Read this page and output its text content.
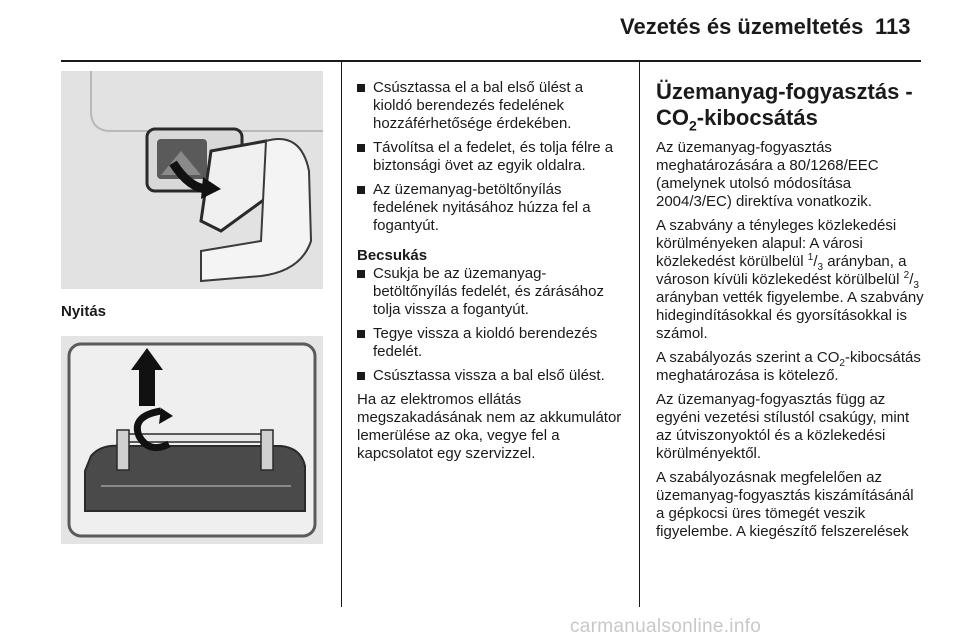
Vezetés és üzemeltetés 113
Nyitás
Csúsztassa el a bal első ülést a kioldó berendezés fedelének hozzáférhetősége érdekében.
Távolítsa el a fedelet, és tolja félre a biztonsági övet az egyik oldalra.
Az üzemanyag-betöltőnyílás fedelének nyitásához húzza fel a fogantyút.
Becsukás
Csukja be az üzemanyag-betöltőnyílás fedelét, és zárásához tolja vissza a fogantyút.
Tegye vissza a kioldó berendezés fedelét.
Csúsztassa vissza a bal első ülést.
Ha az elektromos ellátás megszakadásának nem az akkumulátor lemerülése az oka, vegye fel a kapcsolatot egy szervizzel.
Üzemanyag-fogyasztás - $CO_2$-kibocsátás
Az üzemanyag-fogyasztás meghatározására a 80/1268/EEC (amelynek utolsó módosítása 2004/3/EC) direktíva vonatkozik.
A szabvány a tényleges közlekedési körülményeken alapul: A városi közlekedést körülbelül $^1/_3$ arányban, a városon kívüli közlekedést körülbelül $^2/_3$ arányban vették figyelembe. A szabvány hidegindításokkal és gyorsításokkal is számol.
A szabályozás szerint a $CO_2$-kibocsátás meghatározása is kötelező.
Az üzemanyag-fogyasztás függ az egyéni vezetési stílustól csakúgy, mint az útviszonyoktól és a közlekedési körülményektől.
A szabályozásnak megfelelően az üzemanyag-fogyasztás kiszámításánál a gépkocsi üres tömegét veszik figyelembe. A kiegészítő felszerelések
carmanualsonline.info
